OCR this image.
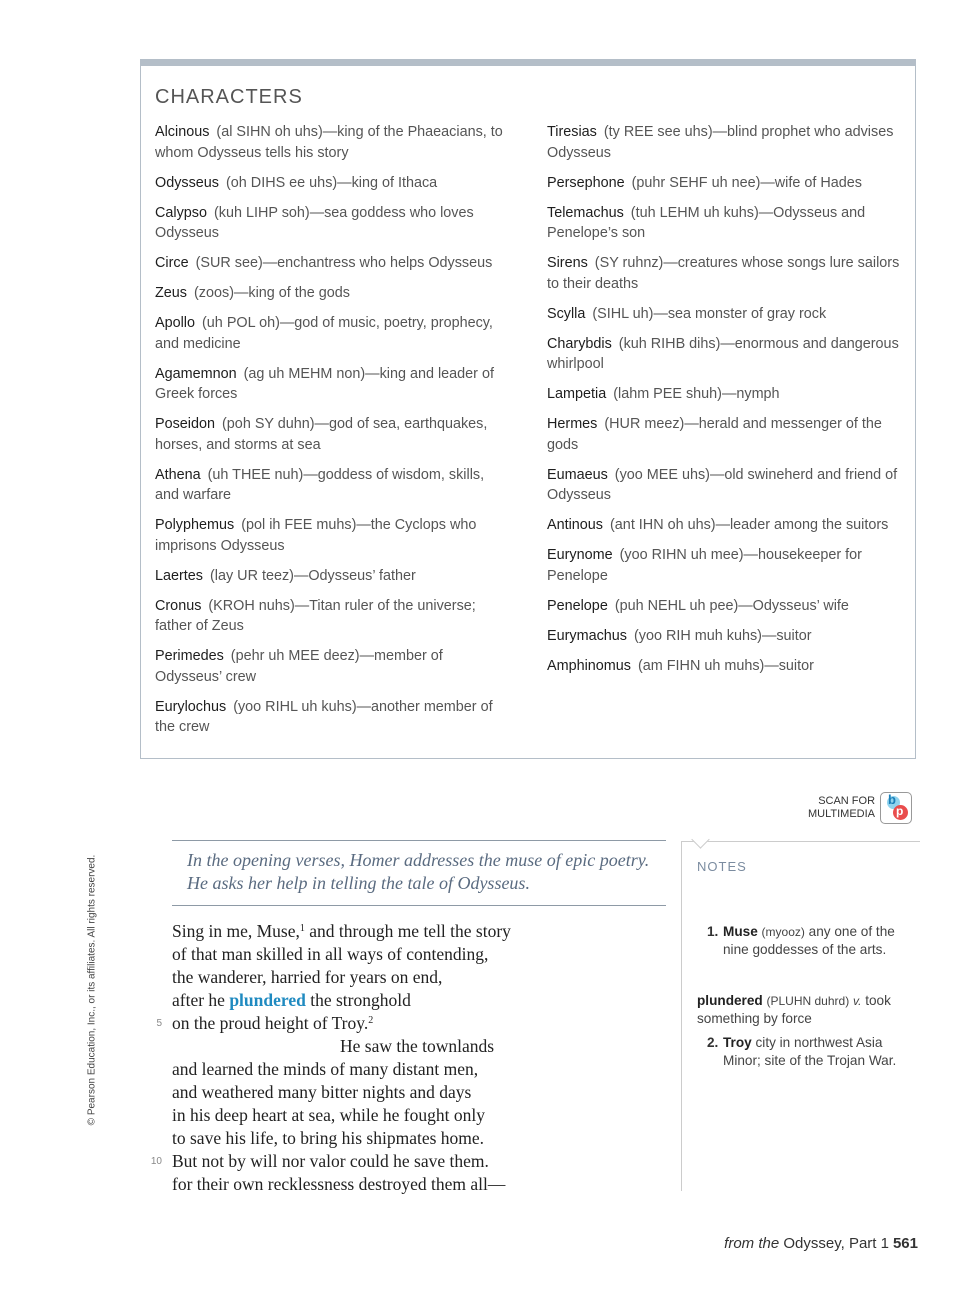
© Pearson Education, Inc., or its affiliates. All rights reserved.
CHARACTERS
Alcinous (al SIHN oh uhs)—king of the Phaeacians, to whom Odysseus tells his story
Odysseus (oh DIHS ee uhs)—king of Ithaca
Calypso (kuh LIHP soh)—sea goddess who loves Odysseus
Circe (SUR see)—enchantress who helps Odysseus
Zeus (zoos)—king of the gods
Apollo (uh POL oh)—god of music, poetry, prophecy, and medicine
Agamemnon (ag uh MEHM non)—king and leader of Greek forces
Poseidon (poh SY duhn)—god of sea, earthquakes, horses, and storms at sea
Athena (uh THEE nuh)—goddess of wisdom, skills, and warfare
Polyphemus (pol ih FEE muhs)—the Cyclops who imprisons Odysseus
Laertes (lay UR teez)—Odysseus’ father
Cronus (KROH nuhs)—Titan ruler of the universe; father of Zeus
Perimedes (pehr uh MEE deez)—member of Odysseus’ crew
Eurylochus (yoo RIHL uh kuhs)—another member of the crew
Tiresias (ty REE see uhs)—blind prophet who advises Odysseus
Persephone (puhr SEHF uh nee)—wife of Hades
Telemachus (tuh LEHM uh kuhs)—Odysseus and Penelope’s son
Sirens (SY ruhnz)—creatures whose songs lure sailors to their deaths
Scylla (SIHL uh)—sea monster of gray rock
Charybdis (kuh RIHB dihs)—enormous and dangerous whirlpool
Lampetia (lahm PEE shuh)—nymph
Hermes (HUR meez)—herald and messenger of the gods
Eumaeus (yoo MEE uhs)—old swineherd and friend of Odysseus
Antinous (ant IHN oh uhs)—leader among the suitors
Eurynome (yoo RIHN uh mee)—housekeeper for Penelope
Penelope (puh NEHL uh pee)—Odysseus’ wife
Eurymachus (yoo RIH muh kuhs)—suitor
Amphinomus (am FIHN uh muhs)—suitor
SCAN FOR
MULTIMEDIA
b
p
In the opening verses, Homer addresses the muse of epic poetry. He asks her help in telling the tale of Odysseus.
Sing in me, Muse,$^1$ and through me tell the story
of that man skilled in all ways of contending,
the wanderer, harried for years on end,
after he plundered the stronghold
5 on the proud height of Troy.$^2$
He saw the townlands
and learned the minds of many distant men,
and weathered many bitter nights and days
in his deep heart at sea, while he fought only
to save his life, to bring his shipmates home.
10 But not by will nor valor could he save them.
for their own recklessness destroyed them all—
NOTES
1. Muse (myooz) any one of the nine goddesses of the arts.
plundered (PLUHN duhrd) v. took something by force
2. Troy city in northwest Asia Minor; site of the Trojan War.
from the Odyssey, Part 1 561
